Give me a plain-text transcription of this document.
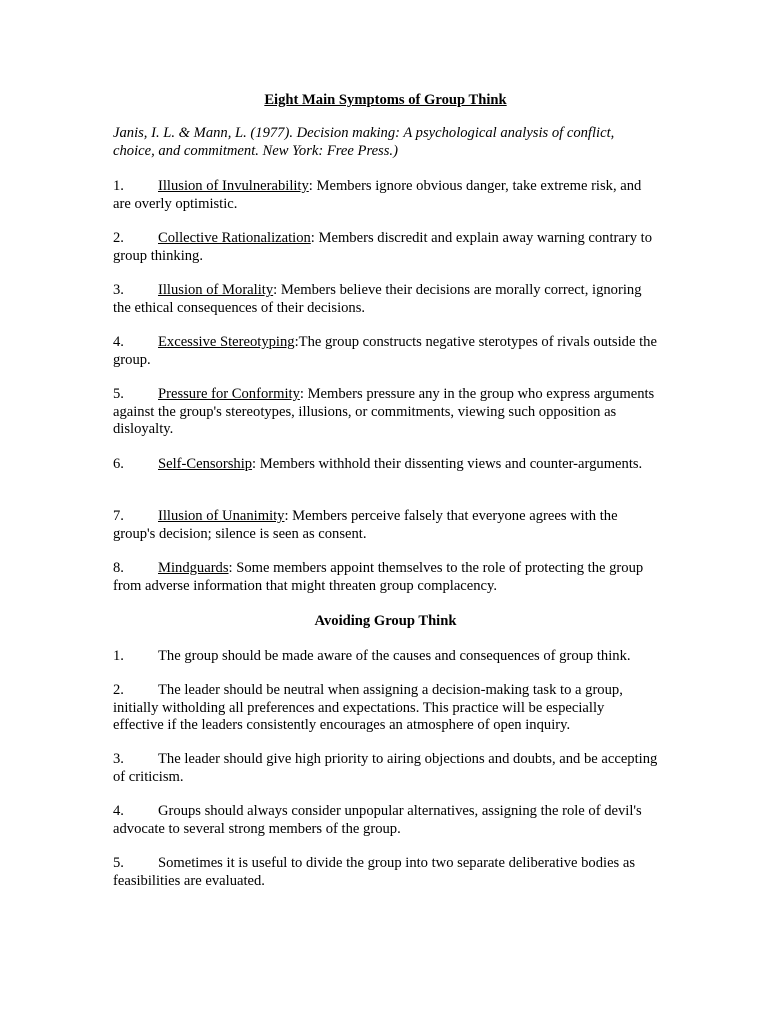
Eight Main Symptoms of Group Think

Janis, I. L. & Mann, L. (1977). Decision making: A psychological analysis of conflict, choice, and commitment. New York: Free Press.)

1. Illusion of Invulnerability: Members ignore obvious danger, take extreme risk, and are overly optimistic.

2. Collective Rationalization: Members discredit and explain away warning contrary to group thinking.

3. Illusion of Morality: Members believe their decisions are morally correct, ignoring the ethical consequences of their decisions.

4. Excessive Stereotyping:The group constructs negative sterotypes of rivals outside the group.

5. Pressure for Conformity: Members pressure any in the group who express arguments against the group's stereotypes, illusions, or commitments, viewing such opposition as disloyalty.

6. Self-Censorship: Members withhold their dissenting views and counter-arguments.

7. Illusion of Unanimity: Members perceive falsely that everyone agrees with the group's decision; silence is seen as consent.

8. Mindguards: Some members appoint themselves to the role of protecting the group from adverse information that might threaten group complacency.

Avoiding Group Think

1. The group should be made aware of the causes and consequences of group think.

2. The leader should be neutral when assigning a decision-making task to a group, initially witholding all preferences and expectations. This practice will be especially effective if the leaders consistently encourages an atmosphere of open inquiry.

3. The leader should give high priority to airing objections and doubts, and be accepting of criticism.

4. Groups should always consider unpopular alternatives, assigning the role of devil's advocate to several strong members of the group.

5. Sometimes it is useful to divide the group into two separate deliberative bodies as feasibilities are evaluated.
